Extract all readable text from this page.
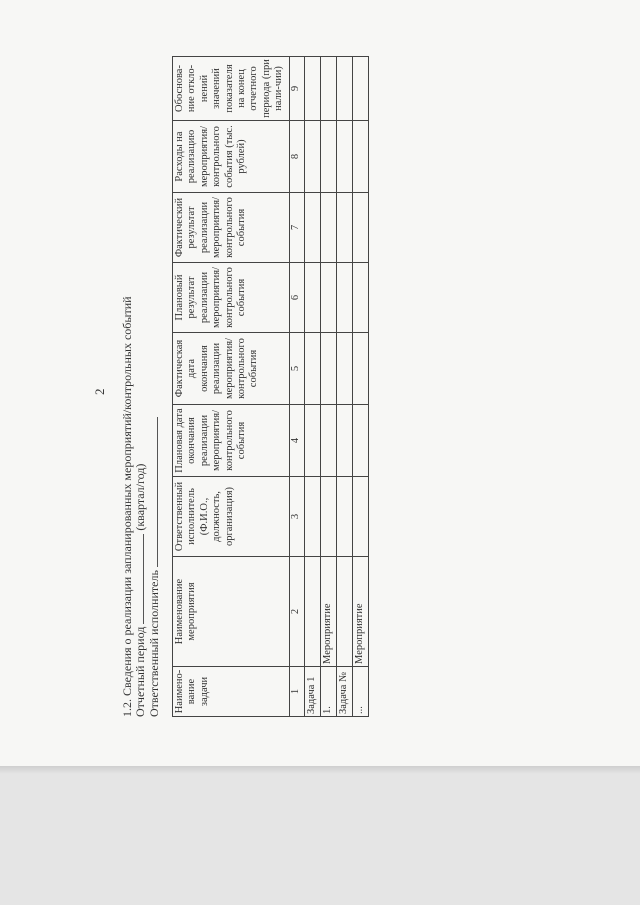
2 1.2. Сведения о реализации запланированных мероприятий/контрольных событий Отчетный период  (квартал/год)
Ответственный исполнитель Наимено-вание задачи	Наименование мероприятия	Ответственный исполнитель (Ф.И.О., должность, организация)	Плановая дата окончания реализации мероприятия/ контрольного события	Фактическая дата окончания реализации мероприятия/ контрольного события	Плановый результат реализации мероприятия/ контрольного события	Фактический результат реализации мероприятия/ контрольного события	Расходы на реализацию мероприятия/ контрольного события (тыс. рублей)	Обоснова-ние откло-нений значений показателя на конец отчетного периода (при нали-чии)
1	2	3	4	5	6	7	8	9
Задача 1								
1.	Мероприятие							
Задача №								
...	Мероприятие							
